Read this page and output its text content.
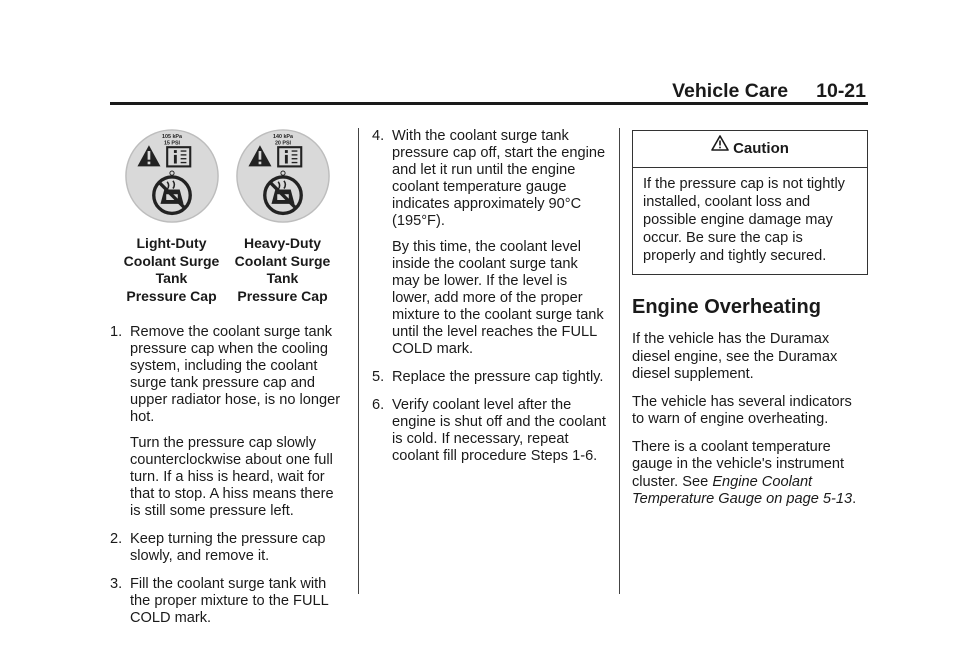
Vehicle Care 10-21
105 kPa
15 PSI
Light-Duty
Coolant Surge
Tank
Pressure Cap
140 kPa
20 PSI
Heavy-Duty
Coolant Surge
Tank
Pressure Cap
1. Remove the coolant surge tank pressure cap when the cooling system, including the coolant surge tank pressure cap and upper radiator hose, is no longer hot.
Turn the pressure cap slowly counterclockwise about one full turn. If a hiss is heard, wait for that to stop. A hiss means there is still some pressure left.
2. Keep turning the pressure cap slowly, and remove it.
3. Fill the coolant surge tank with the proper mixture to the FULL COLD mark.
4. With the coolant surge tank pressure cap off, start the engine and let it run until the engine coolant temperature gauge indicates approximately 90°C (195°F).
By this time, the coolant level inside the coolant surge tank may be lower. If the level is lower, add more of the proper mixture to the coolant surge tank until the level reaches the FULL COLD mark.
5. Replace the pressure cap tightly.
6. Verify coolant level after the engine is shut off and the coolant is cold. If necessary, repeat coolant fill procedure Steps 1-6.
Caution
If the pressure cap is not tightly installed, coolant loss and possible engine damage may occur. Be sure the cap is properly and tightly secured.
Engine Overheating

If the vehicle has the Duramax diesel engine, see the Duramax diesel supplement.

The vehicle has several indicators to warn of engine overheating.

There is a coolant temperature gauge in the vehicle's instrument cluster. See Engine Coolant Temperature Gauge on page 5-13.
